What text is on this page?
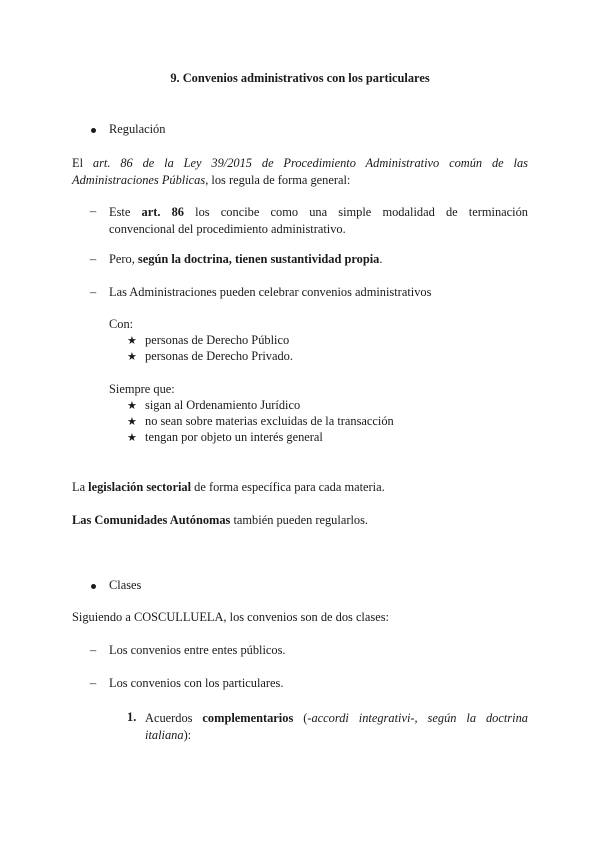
9. Convenios administrativos con los particulares
Regulación
El art. 86 de la Ley 39/2015 de Procedimiento Administrativo común de las
Administraciones Públicas, los regula de forma general:
– Este art. 86 los concibe como una simple modalidad de terminación
convencional del procedimiento administrativo.
– Pero, según la doctrina, tienen sustantividad propia.
– Las Administraciones pueden celebrar convenios administrativos
Con:
★ personas de Derecho Público
★ personas de Derecho Privado.
Siempre que:
★ sigan al Ordenamiento Jurídico
★ no sean sobre materias excluidas de la transacción
★ tengan por objeto un interés general
La legislación sectorial de forma específica para cada materia.
Las Comunidades Autónomas también pueden regularlos.
Clases
Siguiendo a COSCULLUELA, los convenios son de dos clases:
– Los convenios entre entes públicos.
– Los convenios con los particulares.
1. Acuerdos complementarios (-accordi integrativi-, según la doctrina
italiana):
